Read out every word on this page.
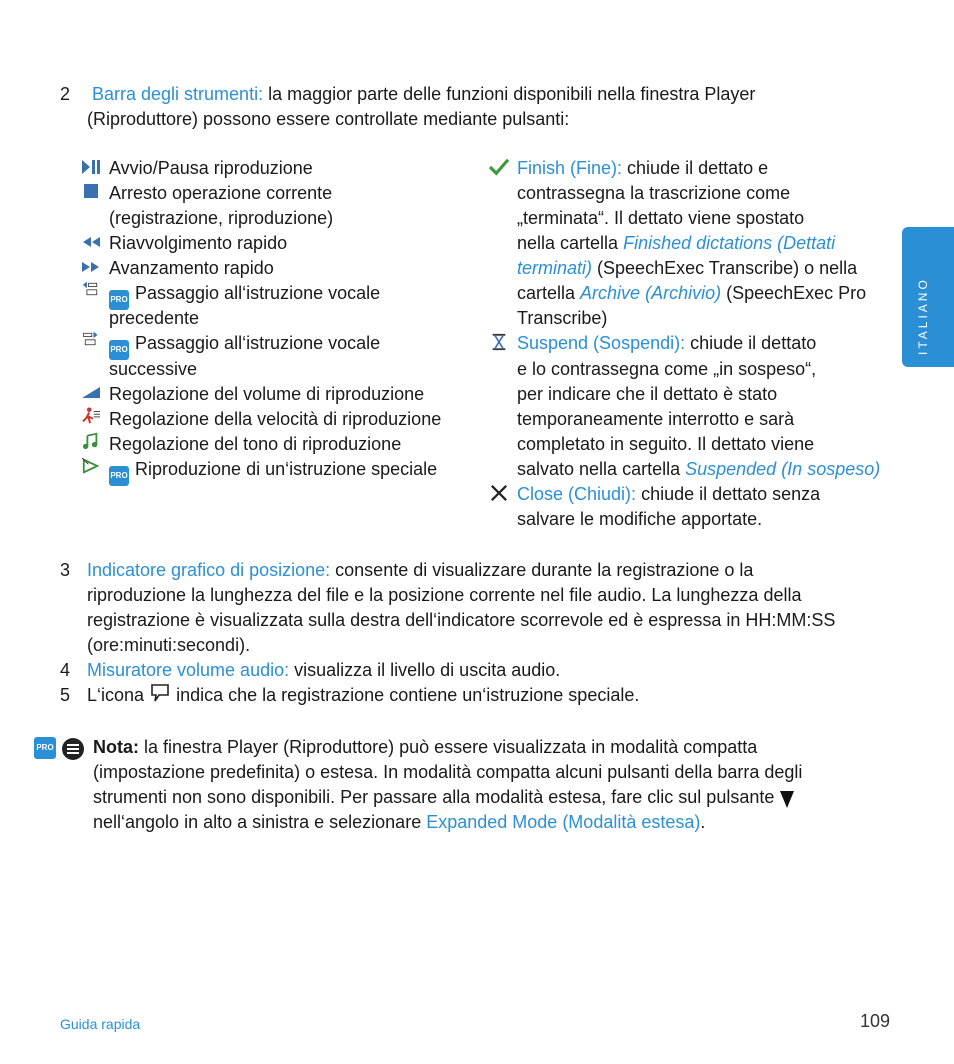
ITALIANO
2 Barra degli strumenti: la maggior parte delle funzioni disponibili nella finestra Player
(Riproduttore) possono essere controllate mediante pulsanti:
Avvio/Pausa riproduzione
Arresto operazione corrente
(registrazione, riproduzione)
Riavvolgimento rapido
Avanzamento rapido
PRO Passaggio all‘istruzione vocale
precedente
PRO Passaggio all‘istruzione vocale
successive
Regolazione del volume di riproduzione
Regolazione della velocità di riproduzione
Regolazione del tono di riproduzione
PRO Riproduzione di un‘istruzione speciale
Finish (Fine): chiude il dettato e
contrassegna la trascrizione come
„terminata“. Il dettato viene spostato
nella cartella Finished dictations (Dettati
terminati) (SpeechExec Transcribe) o nella
cartella Archive (Archivio) (SpeechExec Pro
Transcribe)
Suspend (Sospendi): chiude il dettato
e lo contrassegna come „in sospeso“,
per indicare che il dettato è stato
temporaneamente interrotto e sarà
completato in seguito. Il dettato viene
salvato nella cartella Suspended (In sospeso)
Close (Chiudi): chiude il dettato senza
salvare le modifiche apportate.
3 Indicatore grafico di posizione: consente di visualizzare durante la registrazione o la
riproduzione la lunghezza del file e la posizione corrente nel file audio. La lunghezza della
registrazione è visualizzata sulla destra dell‘indicatore scorrevole ed è espressa in HH:MM:SS
(ore:minuti:secondi).
4 Misuratore volume audio: visualizza il livello di uscita audio.
5 L‘icona indica che la registrazione contiene un‘istruzione speciale.
PRO Nota: la finestra Player (Riproduttore) può essere visualizzata in modalità compatta
(impostazione predefinita) o estesa. In modalità compatta alcuni pulsanti della barra degli
strumenti non sono disponibili. Per passare alla modalità estesa, fare clic sul pulsante
nell‘angolo in alto a sinistra e selezionare Expanded Mode (Modalità estesa).
Guida rapida	109
